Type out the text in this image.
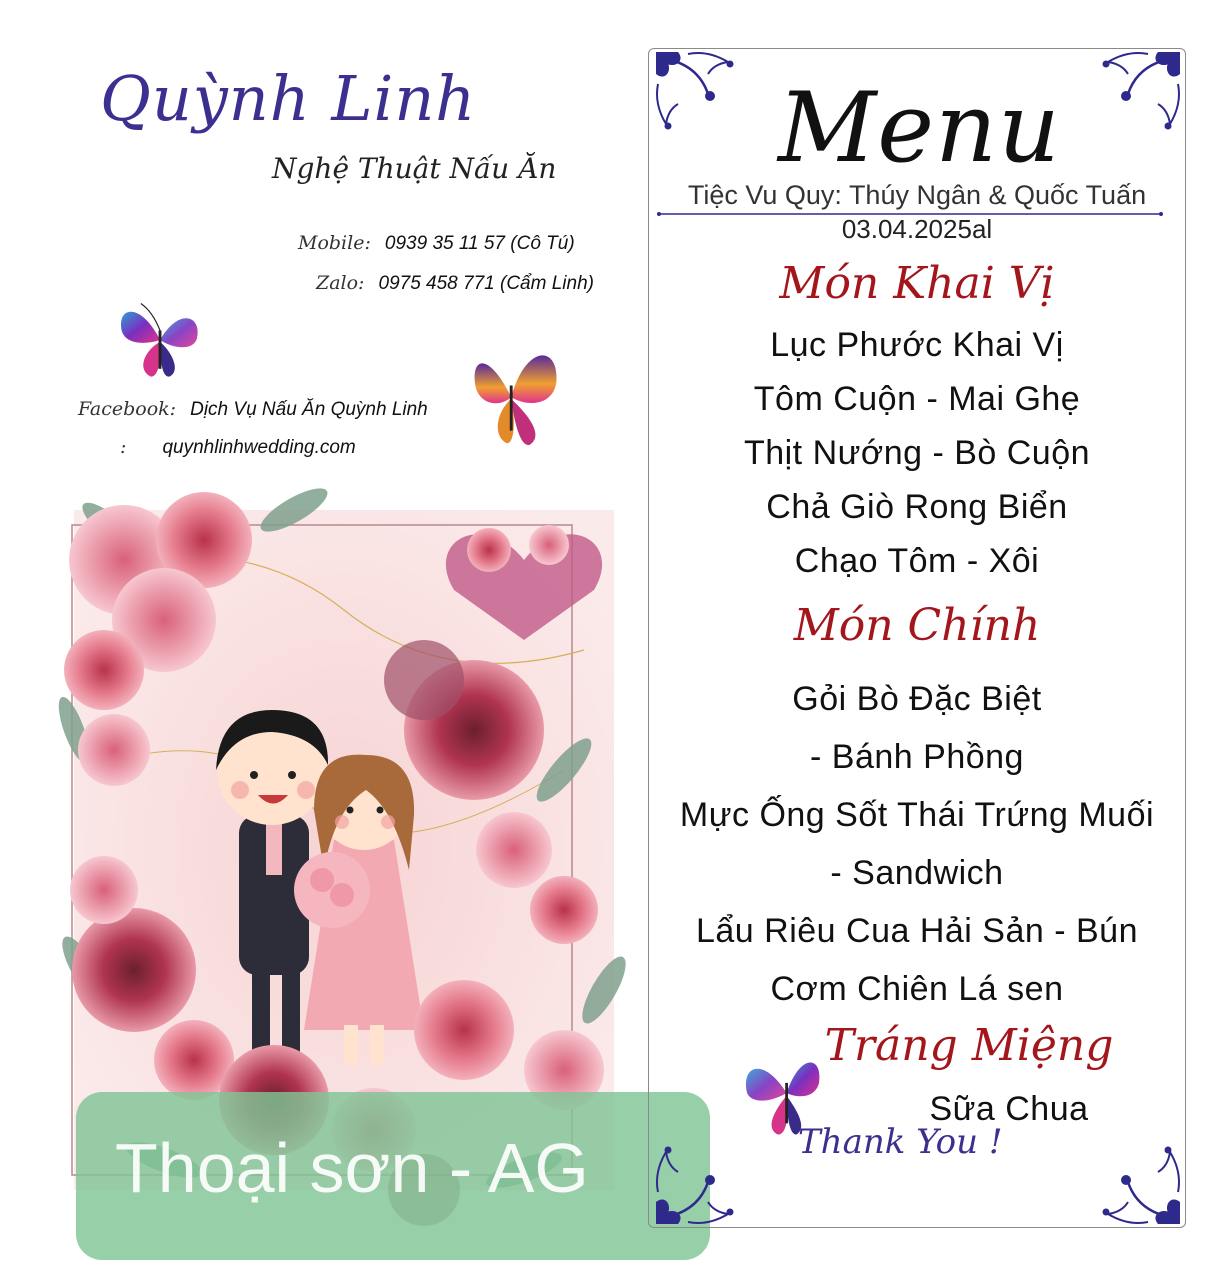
Quỳnh Linh
Nghệ Thuật Nấu Ăn
Mobile: 0939 35 11 57 (Cô Tú)
Zalo: 0975 458 771 (Cẩm Linh)
Facebook: Dịch Vụ Nấu Ăn Quỳnh Linh
: quynhlinhwedding.com
Thoại sơn - AG
Menu
Tiệc Vu Quy: Thúy Ngân & Quốc Tuấn
03.04.2025al
Món Khai Vị
Lục Phước Khai Vị
Tôm Cuộn - Mai Ghẹ
Thịt Nướng - Bò Cuộn
Chả Giò Rong Biển
Chạo Tôm - Xôi
Món Chính
Gỏi Bò Đặc Biệt
- Bánh Phồng
Mực Ống Sốt Thái Trứng Muối
- Sandwich
Lẩu Riêu Cua Hải Sản - Bún
Cơm Chiên Lá sen
Tráng Miệng
Sữa Chua
Thank You !
